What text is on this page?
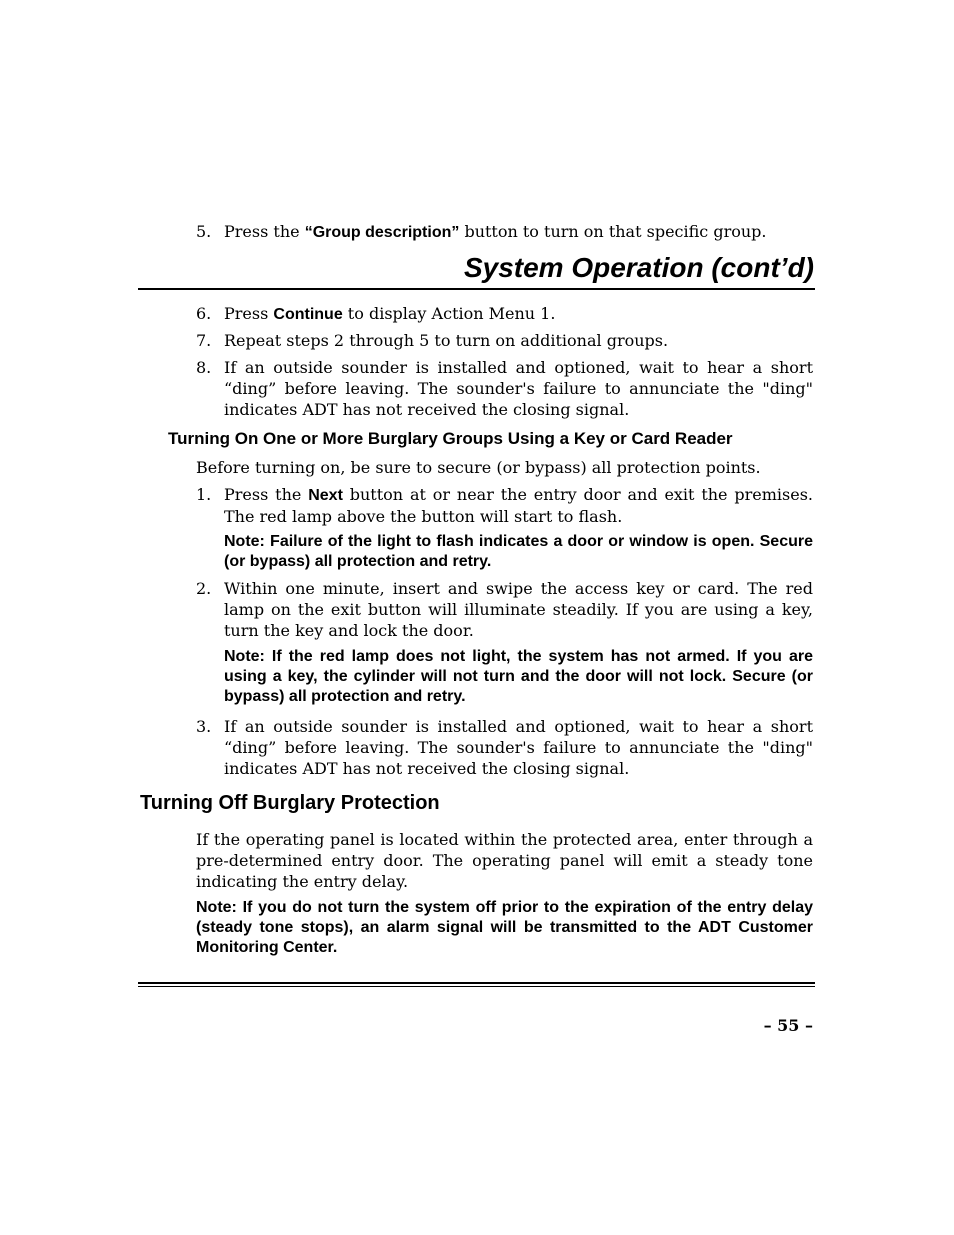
5. Press the “Group description” button to turn on that specific group.
System Operation (cont’d)
6. Press Continue to display Action Menu 1.
7. Repeat steps 2 through 5 to turn on additional groups.
8. If an outside sounder is installed and optioned, wait to hear a short “ding” before leaving. The sounder's failure to annunciate the "ding" indicates ADT has not received the closing signal.
Turning On One or More Burglary Groups Using a Key or Card Reader
Before turning on, be sure to secure (or bypass) all protection points.
1. Press the Next button at or near the entry door and exit the premises. The red lamp above the button will start to flash.
Note: Failure of the light to flash indicates a door or window is open. Secure (or bypass) all protection and retry.
2. Within one minute, insert and swipe the access key or card. The red lamp on the exit button will illuminate steadily. If you are using a key, turn the key and lock the door.
Note: If the red lamp does not light, the system has not armed. If you are using a key, the cylinder will not turn and the door will not lock. Secure (or bypass) all protection and retry.
3. If an outside sounder is installed and optioned, wait to hear a short “ding” before leaving. The sounder's failure to annunciate the "ding" indicates ADT has not received the closing signal.
Turning Off Burglary Protection
If the operating panel is located within the protected area, enter through a pre-determined entry door. The operating panel will emit a steady tone indicating the entry delay.
Note: If you do not turn the system off prior to the expiration of the entry delay (steady tone stops), an alarm signal will be transmitted to the ADT Customer Monitoring Center.
– 55 –
